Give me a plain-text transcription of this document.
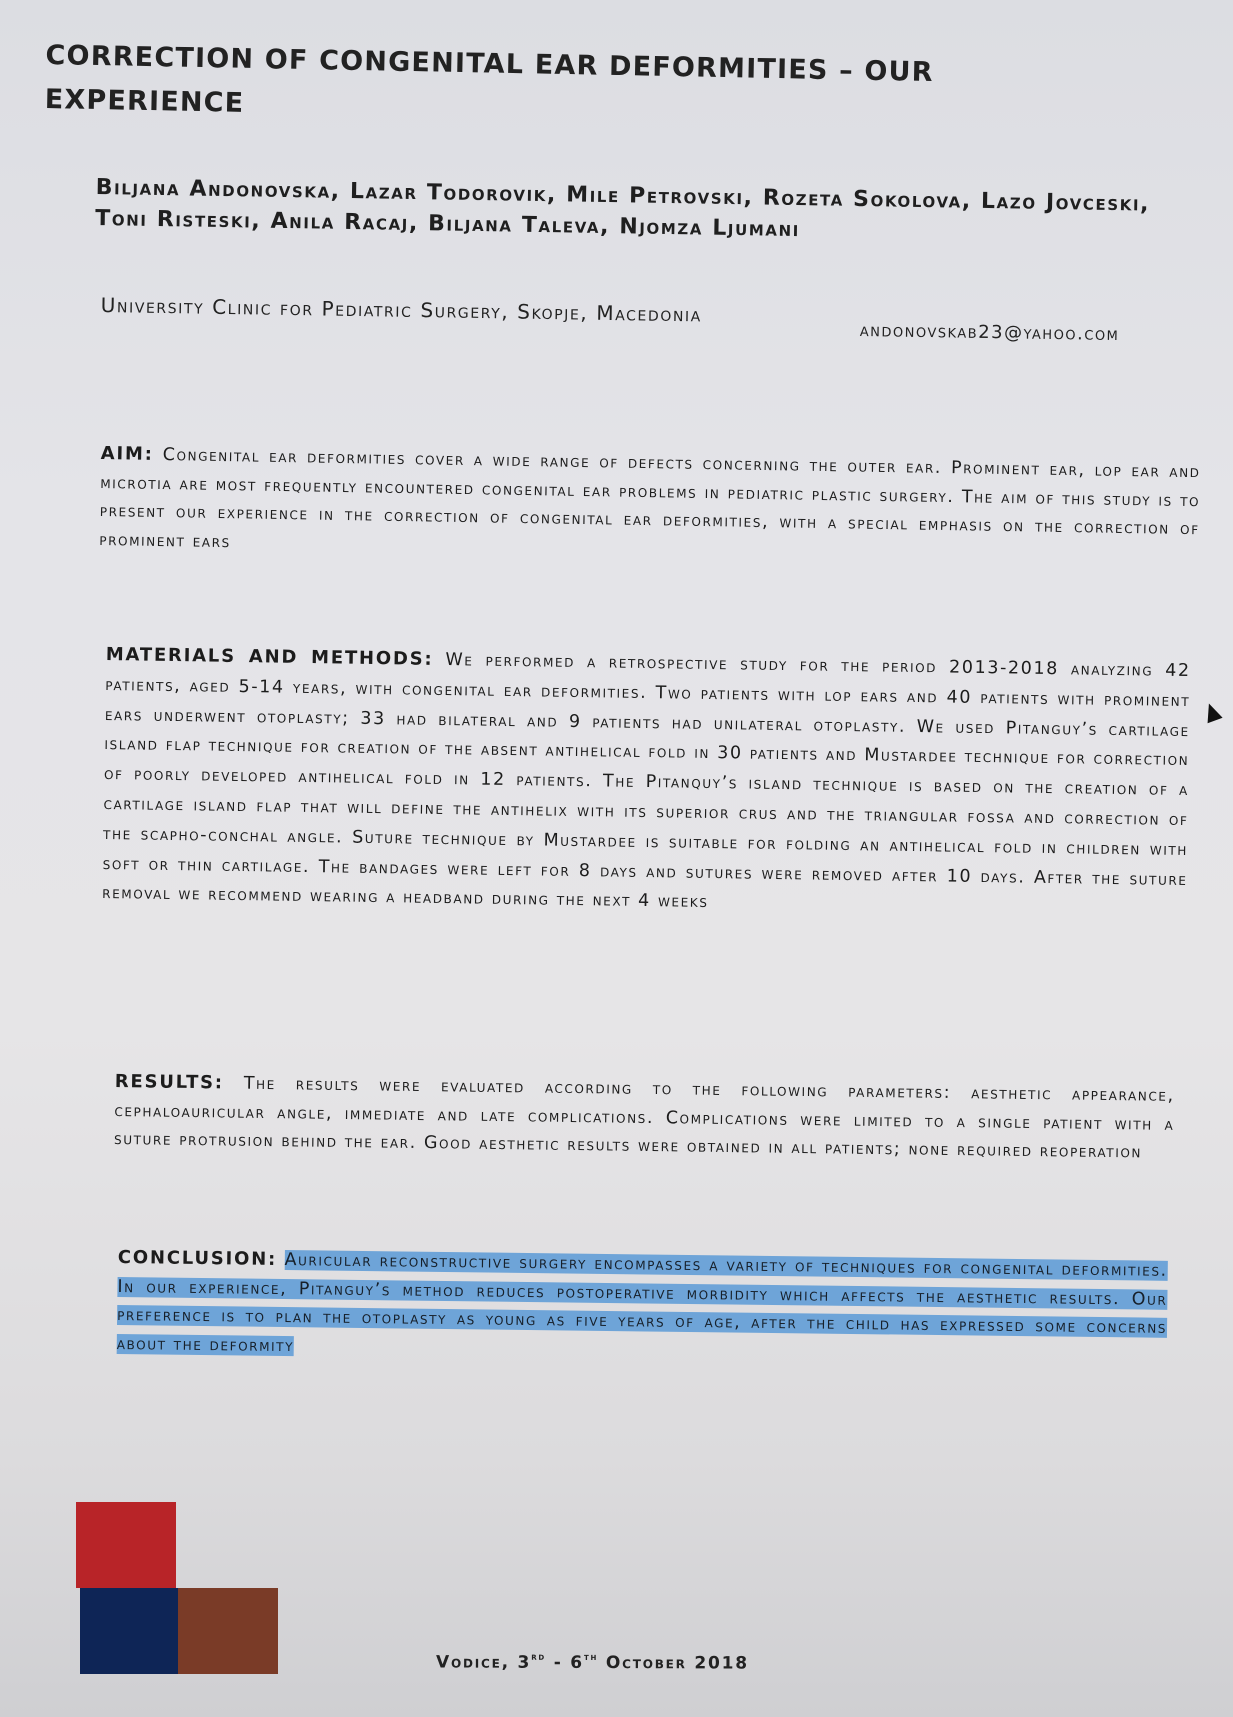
CORRECTION OF CONGENITAL EAR DEFORMITIES – OUR EXPERIENCE
Biljana Andonovska, Lazar Todorovik, Mile Petrovski, Rozeta Sokolova, Lazo Jovceski, Toni Risteski, Anila Racaj, Biljana Taleva, Njomza Ljumani
University Clinic for Pediatric Surgery, Skopje, Macedonia
andonovskab23@yahoo.com

AIM: Congenital ear deformities cover a wide range of defects concerning the outer ear. Prominent ear, lop ear and microtia are most frequently encountered congenital ear problems in pediatric plastic surgery. The aim of this study is to present our experience in the correction of congenital ear deformities, with a special emphasis on the correction of prominent ears

MATERIALS AND METHODS: We performed a retrospective study for the period 2013-2018 analyzing 42 patients, aged 5-14 years, with congenital ear deformities. Two patients with lop ears and 40 patients with prominent ears underwent otoplasty; 33 had bilateral and 9 patients had unilateral otoplasty. We used Pitanguy’s cartilage island flap technique for creation of the absent antihelical fold in 30 patients and Mustardee technique for correction of poorly developed antihelical fold in 12 patients. The Pitanquy’s island technique is based on the creation of a cartilage island flap that will define the antihelix with its superior crus and the triangular fossa and correction of the scapho-conchal angle. Suture technique by Mustardee is suitable for folding an antihelical fold in children with soft or thin cartilage. The bandages were left for 8 days and sutures were removed after 10 days. After the suture removal we recommend wearing a headband during the next 4 weeks

RESULTS: The results were evaluated according to the following parameters: aesthetic appearance, cephaloauricular angle, immediate and late complications. Complications were limited to a single patient with a suture protrusion behind the ear. Good aesthetic results were obtained in all patients; none required reoperation

CONCLUSION: Auricular reconstructive surgery encompasses a variety of techniques for congenital deformities. In our experience, Pitanguy’s method reduces postoperative morbidity which affects the aesthetic results. Our preference is to plan the otoplasty as young as five years of age, after the child has expressed some concerns about the deformity

Vodice, 3rd - 6th October 2018
